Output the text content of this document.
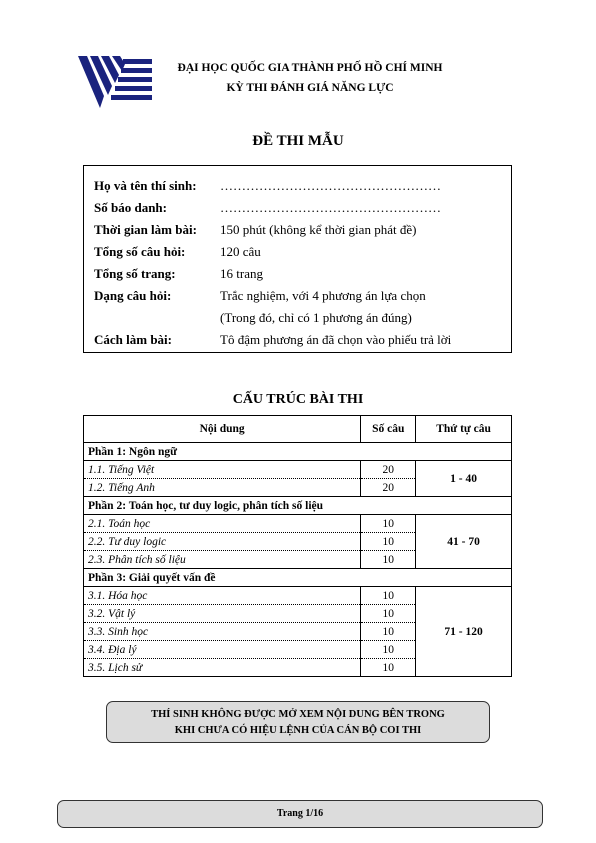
ĐẠI HỌC QUỐC GIA THÀNH PHỐ HỒ CHÍ MINH
KỲ THI ĐÁNH GIÁ NĂNG LỰC
ĐỀ THI MẪU
Họ và tên thí sinh: ……………………………………………
Số báo danh:	……………………………………………
Thời gian làm bài: 150 phút (không kể thời gian phát đề)
Tổng số câu hỏi:	120 câu
Tổng số trang:	16 trang
Dạng câu hỏi:	Trắc nghiệm, với 4 phương án lựa chọn
(Trong đó, chỉ có 1 phương án đúng)
Cách làm bài:	Tô đậm phương án đã chọn vào phiếu trả lời
CẤU TRÚC BÀI THI
Nội dung	Số câu	Thứ tự câu
Phần 1: Ngôn ngữ		
1.1. Tiếng Việt	20	1 - 40
1.2. Tiếng Anh	20	
Phần 2: Toán học, tư duy logic, phân tích số liệu		
2.1. Toán học	10	41 - 70
2.2. Tư duy logic	10	
2.3. Phân tích số liệu	10	
Phần 3: Giải quyết vấn đề		
3.1. Hóa học	10	71 - 120
3.2. Vật lý	10	
3.3. Sinh học	10	
3.4. Địa lý	10	
3.5. Lịch sử	10	
THÍ SINH KHÔNG ĐƯỢC MỞ XEM NỘI DUNG BÊN TRONG
KHI CHƯA CÓ HIỆU LỆNH CỦA CÁN BỘ COI THI
Trang 1/16
